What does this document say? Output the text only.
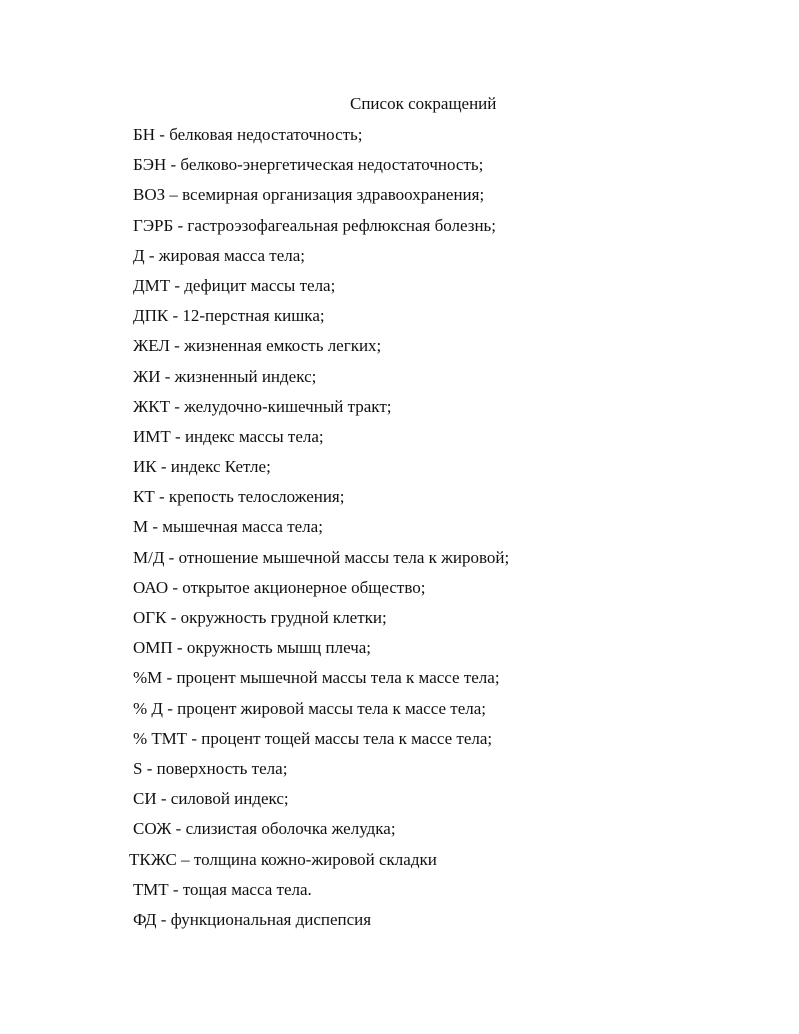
Список сокращений
БН - белковая недостаточность;
БЭН - белково-энергетическая недостаточность;
ВОЗ – всемирная организация здравоохранения;
ГЭРБ - гастроэзофагеальная рефлюксная болезнь;
Д - жировая масса тела;
ДМТ - дефицит массы тела;
ДПК - 12-перстная кишка;
ЖЕЛ - жизненная емкость легких;
ЖИ - жизненный индекс;
ЖКТ - желудочно-кишечный тракт;
ИМТ - индекс массы тела;
ИК - индекс Кетле;
КТ - крепость телосложения;
М - мышечная масса тела;
М/Д - отношение мышечной массы тела к жировой;
ОАО - открытое акционерное общество;
ОГК - окружность грудной клетки;
ОМП - окружность мышц плеча;
%М - процент мышечной массы тела к массе тела;
% Д - процент жировой массы тела к массе тела;
% ТМТ - процент тощей массы тела к массе тела;
S - поверхность тела;
СИ - силовой индекс;
СОЖ - слизистая оболочка желудка;
ТКЖС – толщина кожно-жировой складки
ТМТ - тощая масса тела.
ФД - функциональная диспепсия
